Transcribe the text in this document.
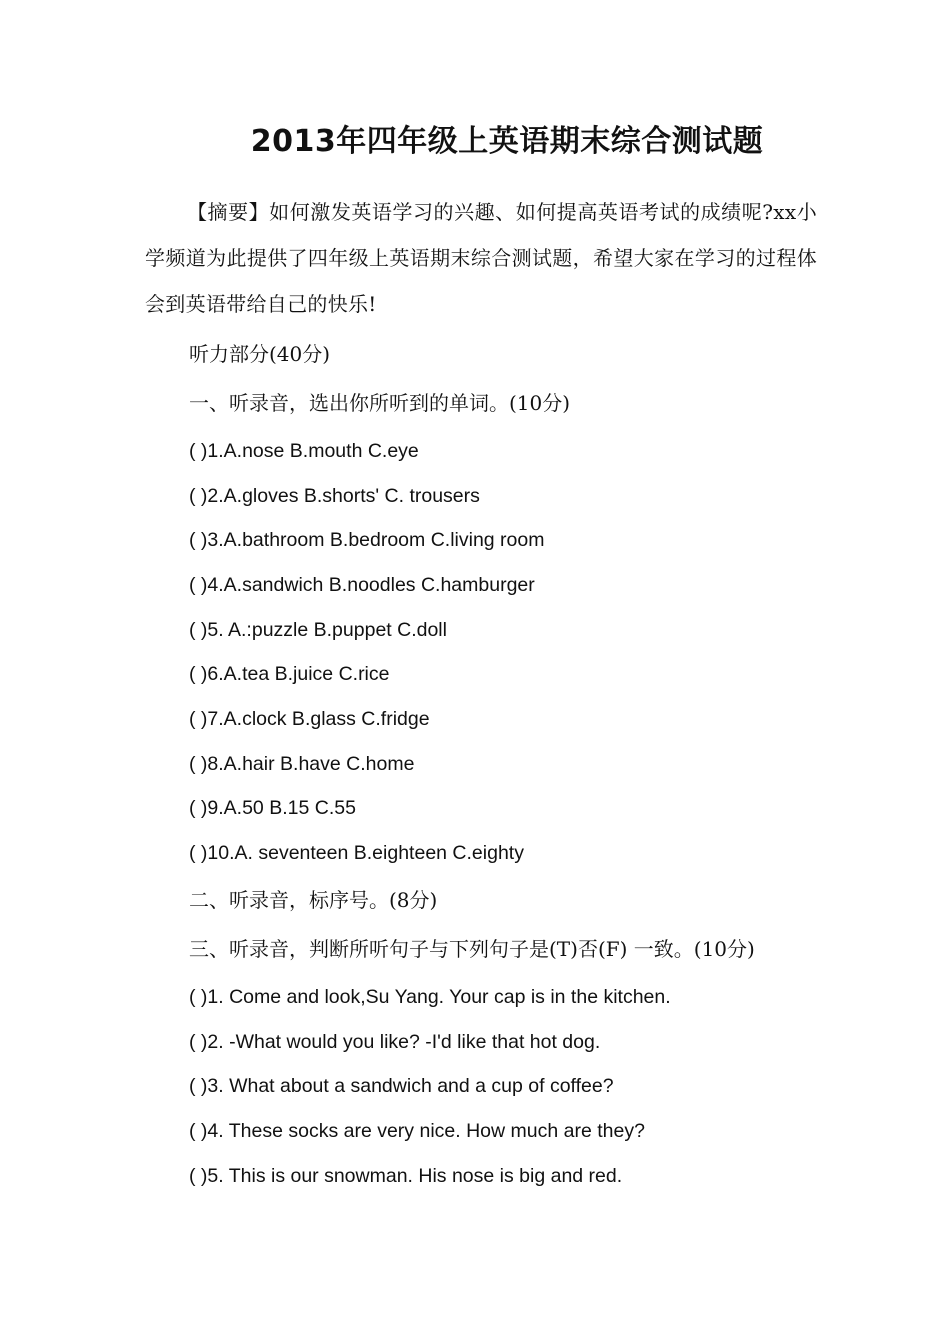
2013年四年级上英语期末综合测试题
【摘要】如何激发英语学习的兴趣、如何提高英语考试的成绩呢?xx小学频道为此提供了四年级上英语期末综合测试题，希望大家在学习的过程体会到英语带给自己的快乐!
听力部分(40分)
一、听录音，选出你所听到的单词。(10分)
( )1.A.nose B.mouth C.eye
( )2.A.gloves B.shorts' C. trousers
( )3.A.bathroom B.bedroom C.living room
( )4.A.sandwich B.noodles C.hamburger
( )5. A.:puzzle B.puppet C.doll
( )6.A.tea B.juice C.rice
( )7.A.clock B.glass C.fridge
( )8.A.hair B.have C.home
( )9.A.50 B.15 C.55
( )10.A. seventeen B.eighteen C.eighty
二、听录音，标序号。(8分)
三、听录音，判断所听句子与下列句子是(T)否(F) 一致。(10分)
( )1. Come and look,Su Yang. Your cap is in the kitchen.
( )2. -What would you like? -I'd like that hot dog.
( )3. What about a sandwich and a cup of coffee?
( )4. These socks are very nice. How much are they?
( )5. This is our snowman. His nose is big and red.
